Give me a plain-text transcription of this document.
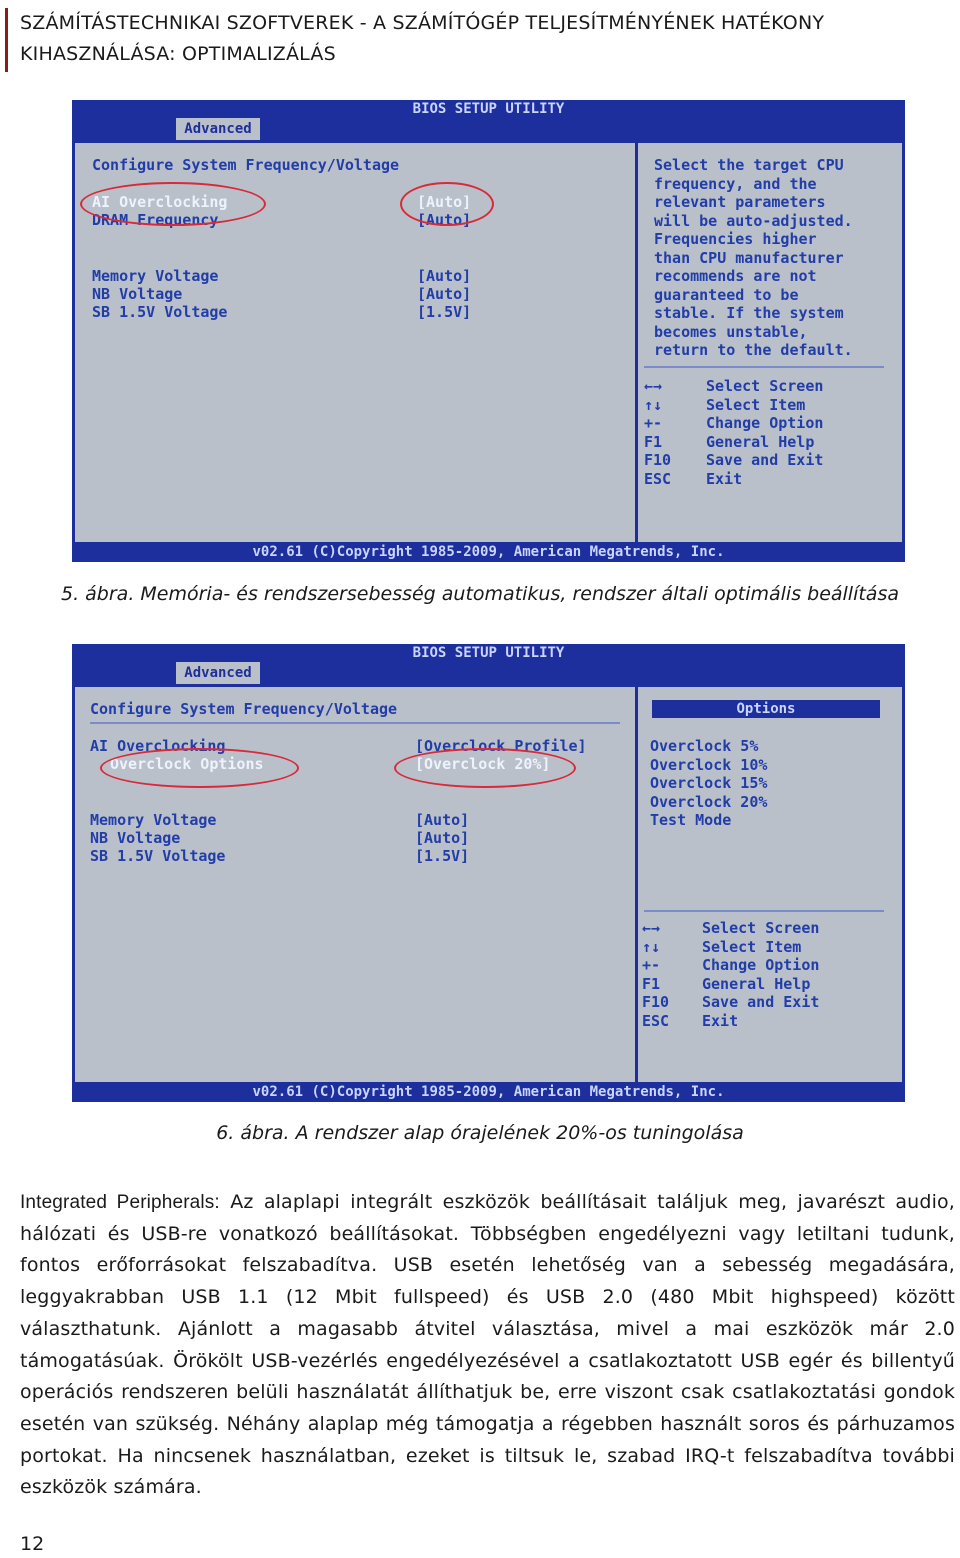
SZÁMÍTÁSTECHNIKAI SZOFTVEREK - A SZÁMÍTÓGÉP TELJESÍTMÉNYÉNEK HATÉKONY
KIHASZNÁLÁSA: OPTIMALIZÁLÁS
BIOS SETUP UTILITY
Advanced
Configure System Frequency/Voltage
AI Overclocking	[Auto]
DRAM Frequency	[Auto]
Memory Voltage	[Auto]
NB Voltage	[Auto]
SB 1.5V Voltage	[1.5V]
Select the target CPU
frequency, and the
relevant parameters
will be auto-adjusted.
Frequencies higher
than CPU manufacturer
recommends are not
guaranteed to be
stable. If the system
becomes unstable,
return to the default.
←→	Select Screen
↑↓	Select Item
+-	Change Option
F1	General Help
F10 Save and Exit
ESC Exit
v02.61 (C)Copyright 1985-2009, American Megatrends, Inc.
5. ábra. Memória- és rendszersebesség automatikus, rendszer általi optimális beállítása
BIOS SETUP UTILITY
Advanced
Configure System Frequency/Voltage
AI Overclocking	[Overclock Profile]
Overclock Options	[Overclock 20%]
Memory Voltage	[Auto]
NB Voltage	[Auto]
SB 1.5V Voltage	[1.5V]
Options
Overclock 5%
Overclock 10%
Overclock 15%
Overclock 20%
Test Mode
←→	Select Screen
↑↓	Select Item
+-	Change Option
F1	General Help
F10 Save and Exit
ESC Exit
v02.61 (C)Copyright 1985-2009, American Megatrends, Inc.
6. ábra. A rendszer alap órajelének 20%-os tuningolása
Integrated Peripherals: Az alaplapi integrált eszközök beállításait találjuk meg, javarészt audio, hálózati és USB-re vonatkozó beállításokat. Többségben engedélyezni vagy letiltani tudunk, fontos erőforrásokat felszabadítva. USB esetén lehetőség van a sebesség megadására, leggyakrabban USB 1.1 (12 Mbit fullspeed) és USB 2.0 (480 Mbit highspeed) között választhatunk. Ajánlott a magasabb átvitel választása, mivel a mai eszközök már 2.0 támogatásúak. Örökölt USB-vezérlés engedélyezésével a csatlakoztatott USB egér és billentyű operációs rendszeren belüli használatát állíthatjuk be, erre viszont csak csatlakoztatási gondok esetén van szükség. Néhány alaplap még támogatja a régebben használt soros és párhuzamos portokat. Ha nincsenek használatban, ezeket is tiltsuk le, szabad IRQ-t felszabadítva további eszközök számára.
12
